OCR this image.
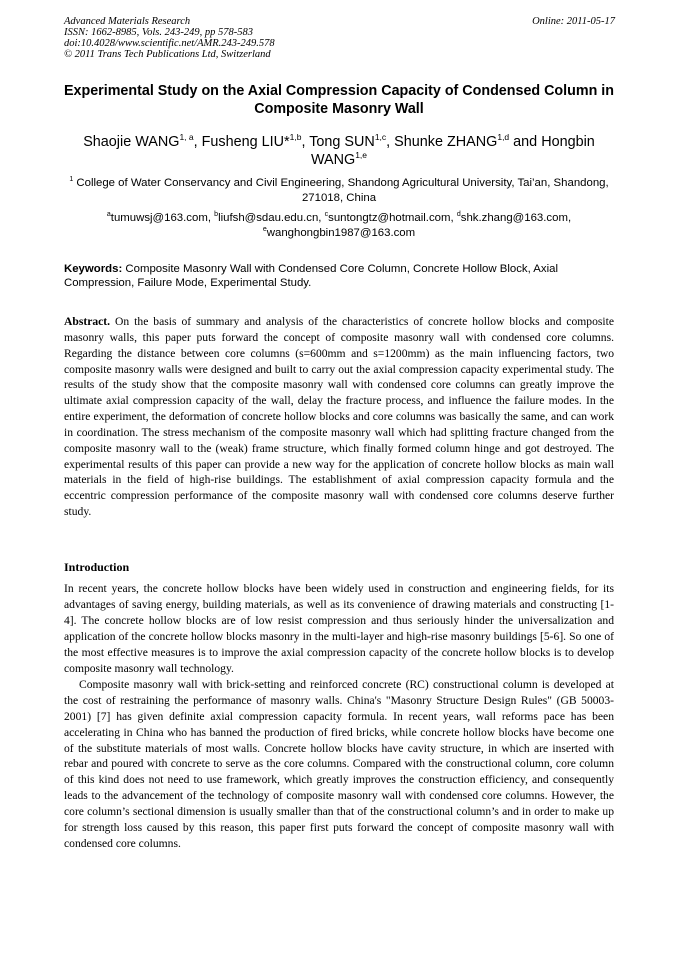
Advanced Materials Research
ISSN: 1662-8985, Vols. 243-249, pp 578-583
doi:10.4028/www.scientific.net/AMR.243-249.578
© 2011 Trans Tech Publications Ltd, Switzerland
Online: 2011-05-17
Experimental Study on the Axial Compression Capacity of Condensed Column in Composite Masonry Wall
Shaojie WANG$^{1, a}$, Fusheng LIU*$^{1,b}$, Tong SUN$^{1,c}$, Shunke ZHANG$^{1,d}$ and Hongbin WANG$^{1,e}$
$^1$ College of Water Conservancy and Civil Engineering, Shandong Agricultural University, Tai’an, Shandong, 271018, China
$^a$tumuwsj@163.com, $^b$liufsh@sdau.edu.cn, $^c$suntongtz@hotmail.com, $^d$shk.zhang@163.com, $^e$wanghongbin1987@163.com
Keywords: Composite Masonry Wall with Condensed Core Column, Concrete Hollow Block, Axial Compression, Failure Mode, Experimental Study.
Abstract. On the basis of summary and analysis of the characteristics of concrete hollow blocks and composite masonry walls, this paper puts forward the concept of composite masonry wall with condensed core columns. Regarding the distance between core columns (s=600mm and s=1200mm) as the main influencing factors, two composite masonry walls were designed and built to carry out the axial compression capacity experimental study. The results of the study show that the composite masonry wall with condensed core columns can greatly improve the ultimate axial compression capacity of the wall, delay the fracture process, and influence the failure modes. In the entire experiment, the deformation of concrete hollow blocks and core columns was basically the same, and can work in coordination. The stress mechanism of the composite masonry wall which had splitting fracture changed from the composite masonry wall to the (weak) frame structure, which finally formed column hinge and got destroyed. The experimental results of this paper can provide a new way for the application of concrete hollow blocks as main wall materials in the field of high-rise buildings. The establishment of axial compression capacity formula and the eccentric compression performance of the composite masonry wall with condensed core columns deserve further study.
Introduction

In recent years, the concrete hollow blocks have been widely used in construction and engineering fields, for its advantages of saving energy, building materials, as well as its convenience of drawing materials and constructing [1-4]. The concrete hollow blocks are of low resist compression and thus seriously hinder the universalization and application of the concrete hollow blocks masonry in the multi-layer and high-rise masonry buildings [5-6]. So one of the most effective measures is to improve the axial compression capacity of the concrete hollow blocks is to develop composite masonry wall technology.

Composite masonry wall with brick-setting and reinforced concrete (RC) constructional column is developed at the cost of restraining the performance of masonry walls. China's "Masonry Structure Design Rules" (GB 50003-2001) [7] has given definite axial compression capacity formula. In recent years, wall reforms pace has been accelerating in China who has banned the production of fired bricks, while concrete hollow blocks have become one of the substitute materials of most walls. Concrete hollow blocks have cavity structure, in which are inserted with rebar and poured with concrete to serve as the core columns. Compared with the constructional column, core column of this kind does not need to use framework, which greatly improves the construction efficiency, and consequently leads to the advancement of the technology of composite masonry wall with condensed core columns. However, the core column’s sectional dimension is usually smaller than that of the constructional column’s and in order to make up for strength loss caused by this reason, this paper first puts forward the concept of composite masonry wall with condensed core columns.
